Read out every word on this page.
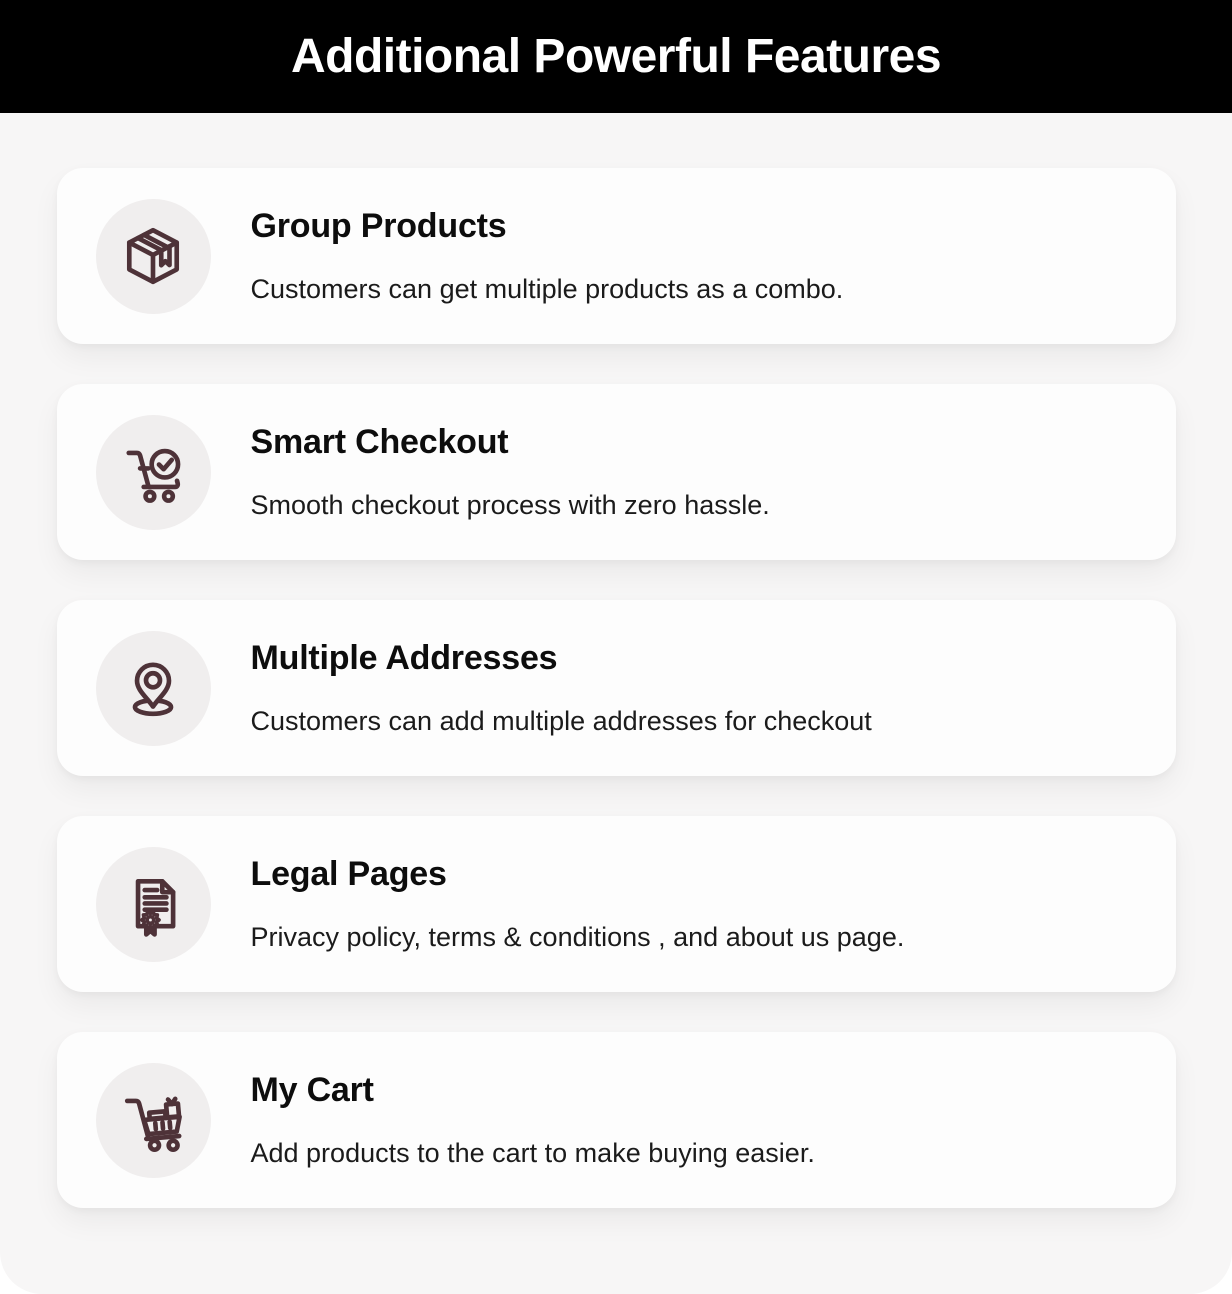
Additional Powerful Features
Group Products
Customers can get multiple products as a combo.
Smart Checkout
Smooth checkout process with zero hassle.
Multiple Addresses
Customers can add multiple addresses for checkout
Legal Pages
Privacy policy, terms & conditions , and about us page.
My Cart
Add products to the cart to make buying easier.
